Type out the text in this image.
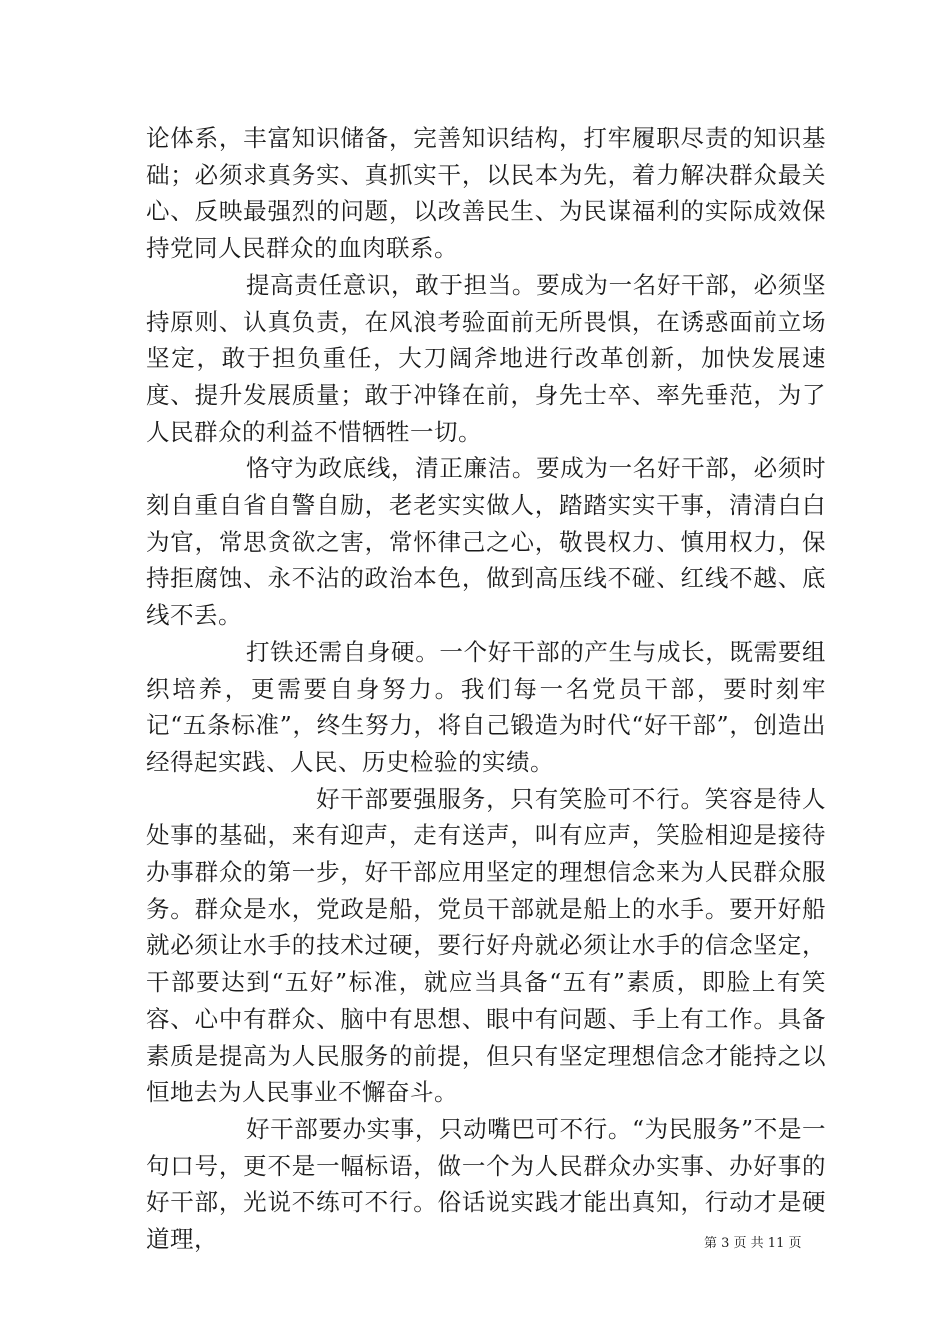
论体系，丰富知识储备，完善知识结构，打牢履职尽责的知识基础；必须求真务实、真抓实干，以民本为先，着力解决群众最关心、反映最强烈的问题，以改善民生、为民谋福利的实际成效保持党同人民群众的血肉联系。

提高责任意识，敢于担当。要成为一名好干部，必须坚持原则、认真负责，在风浪考验面前无所畏惧，在诱惑面前立场坚定，敢于担负重任，大刀阔斧地进行改革创新，加快发展速度、提升发展质量；敢于冲锋在前，身先士卒、率先垂范，为了人民群众的利益不惜牺牲一切。

恪守为政底线，清正廉洁。要成为一名好干部，必须时刻自重自省自警自励，老老实实做人，踏踏实实干事，清清白白为官，常思贪欲之害，常怀律己之心，敬畏权力、慎用权力，保持拒腐蚀、永不沾的政治本色，做到高压线不碰、红线不越、底线不丢。

打铁还需自身硬。一个好干部的产生与成长，既需要组织培养，更需要自身努力。我们每一名党员干部，要时刻牢记“五条标准”，终生努力，将自己锻造为时代“好干部”，创造出经得起实践、人民、历史检验的实绩。

好干部要强服务，只有笑脸可不行。笑容是待人处事的基础，来有迎声，走有送声，叫有应声，笑脸相迎是接待办事群众的第一步，好干部应用坚定的理想信念来为人民群众服务。群众是水，党政是船，党员干部就是船上的水手。要开好船就必须让水手的技术过硬，要行好舟就必须让水手的信念坚定，干部要达到“五好”标准，就应当具备“五有”素质，即脸上有笑容、心中有群众、脑中有思想、眼中有问题、手上有工作。具备素质是提高为人民服务的前提，但只有坚定理想信念才能持之以恒地去为人民事业不懈奋斗。

好干部要办实事，只动嘴巴可不行。“为民服务”不是一句口号，更不是一幅标语，做一个为人民群众办实事、办好事的好干部，光说不练可不行。俗话说实践才能出真知，行动才是硬道理，	第 3 页 共 11 页
